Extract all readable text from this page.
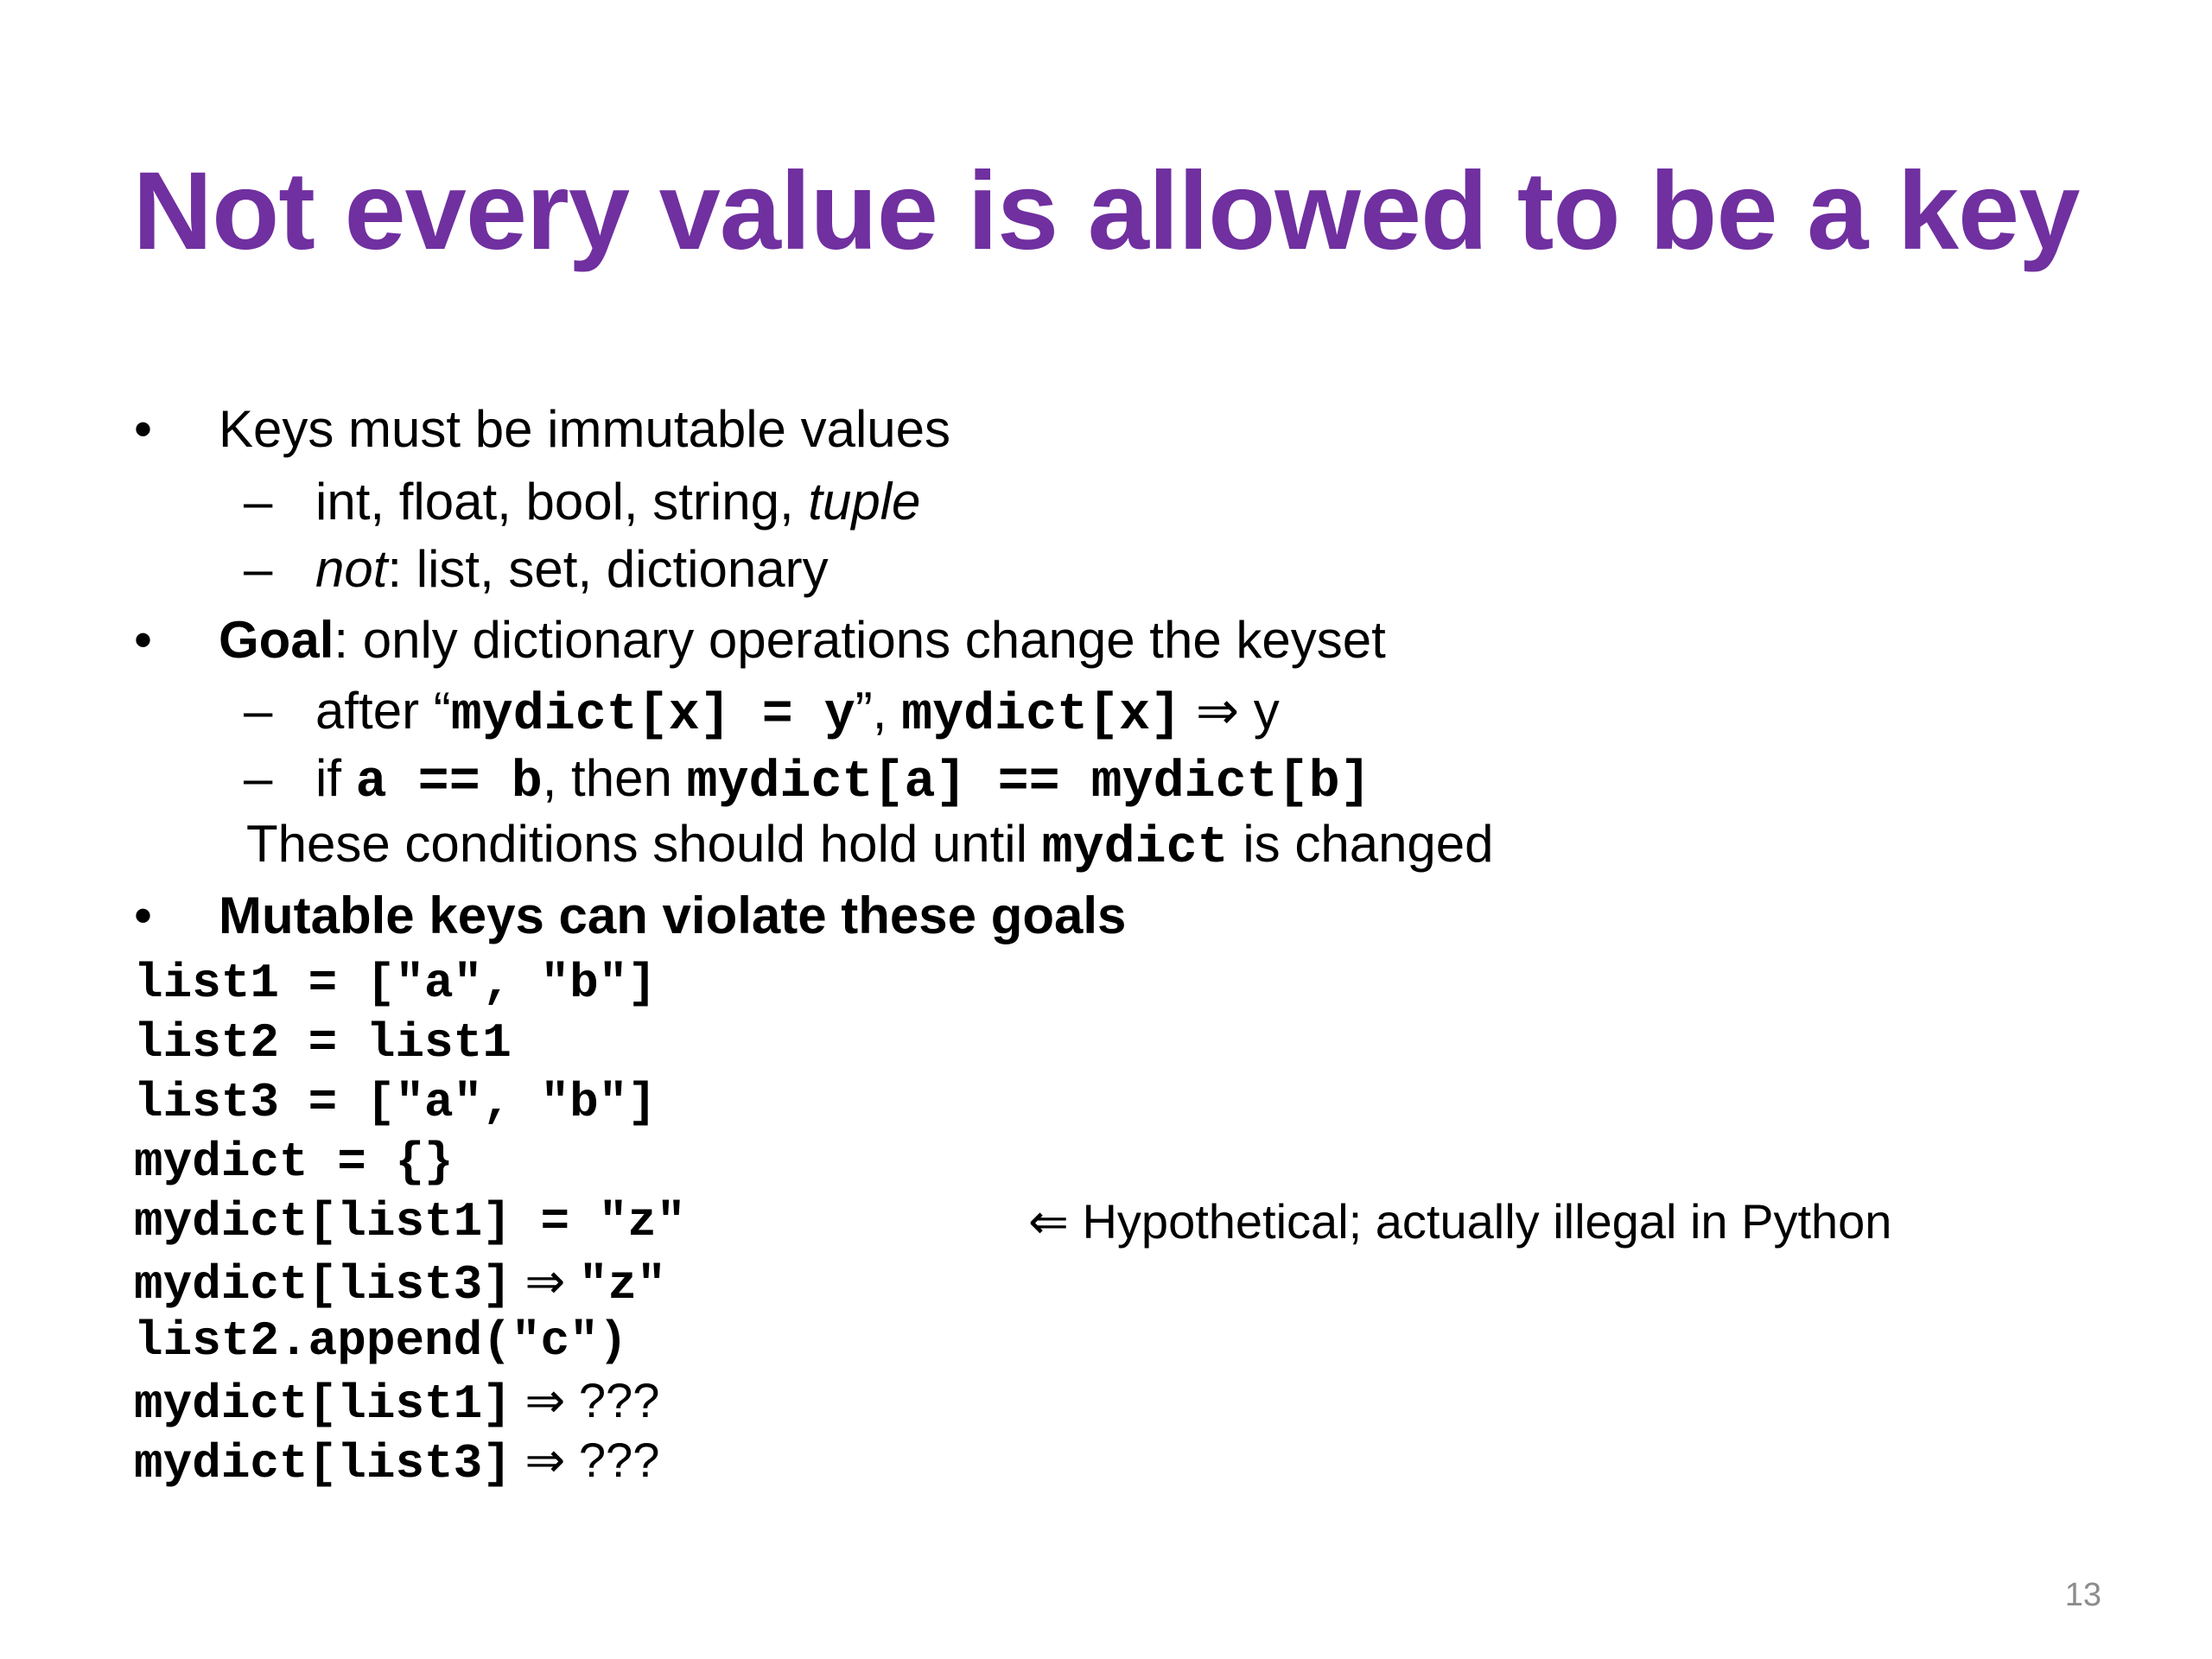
Not every value is allowed to be a key
• Keys must be immutable values
– int, float, bool, string, tuple
– not: list, set, dictionary
• Goal: only dictionary operations change the keyset
– after “mydict[x] = y”, mydict[x] ⇒ y
– if a == b, then mydict[a] == mydict[b]
These conditions should hold until mydict is changed
• Mutable keys can violate these goals
list1 = ["a", "b"]
list2 = list1
list3 = ["a", "b"]
mydict = {}
mydict[list1] = "z"
mydict[list3] ⇒ "z"
list2.append("c")
mydict[list1] ⇒ ???
mydict[list3] ⇒ ???
⇐ Hypothetical; actually illegal in Python
13
